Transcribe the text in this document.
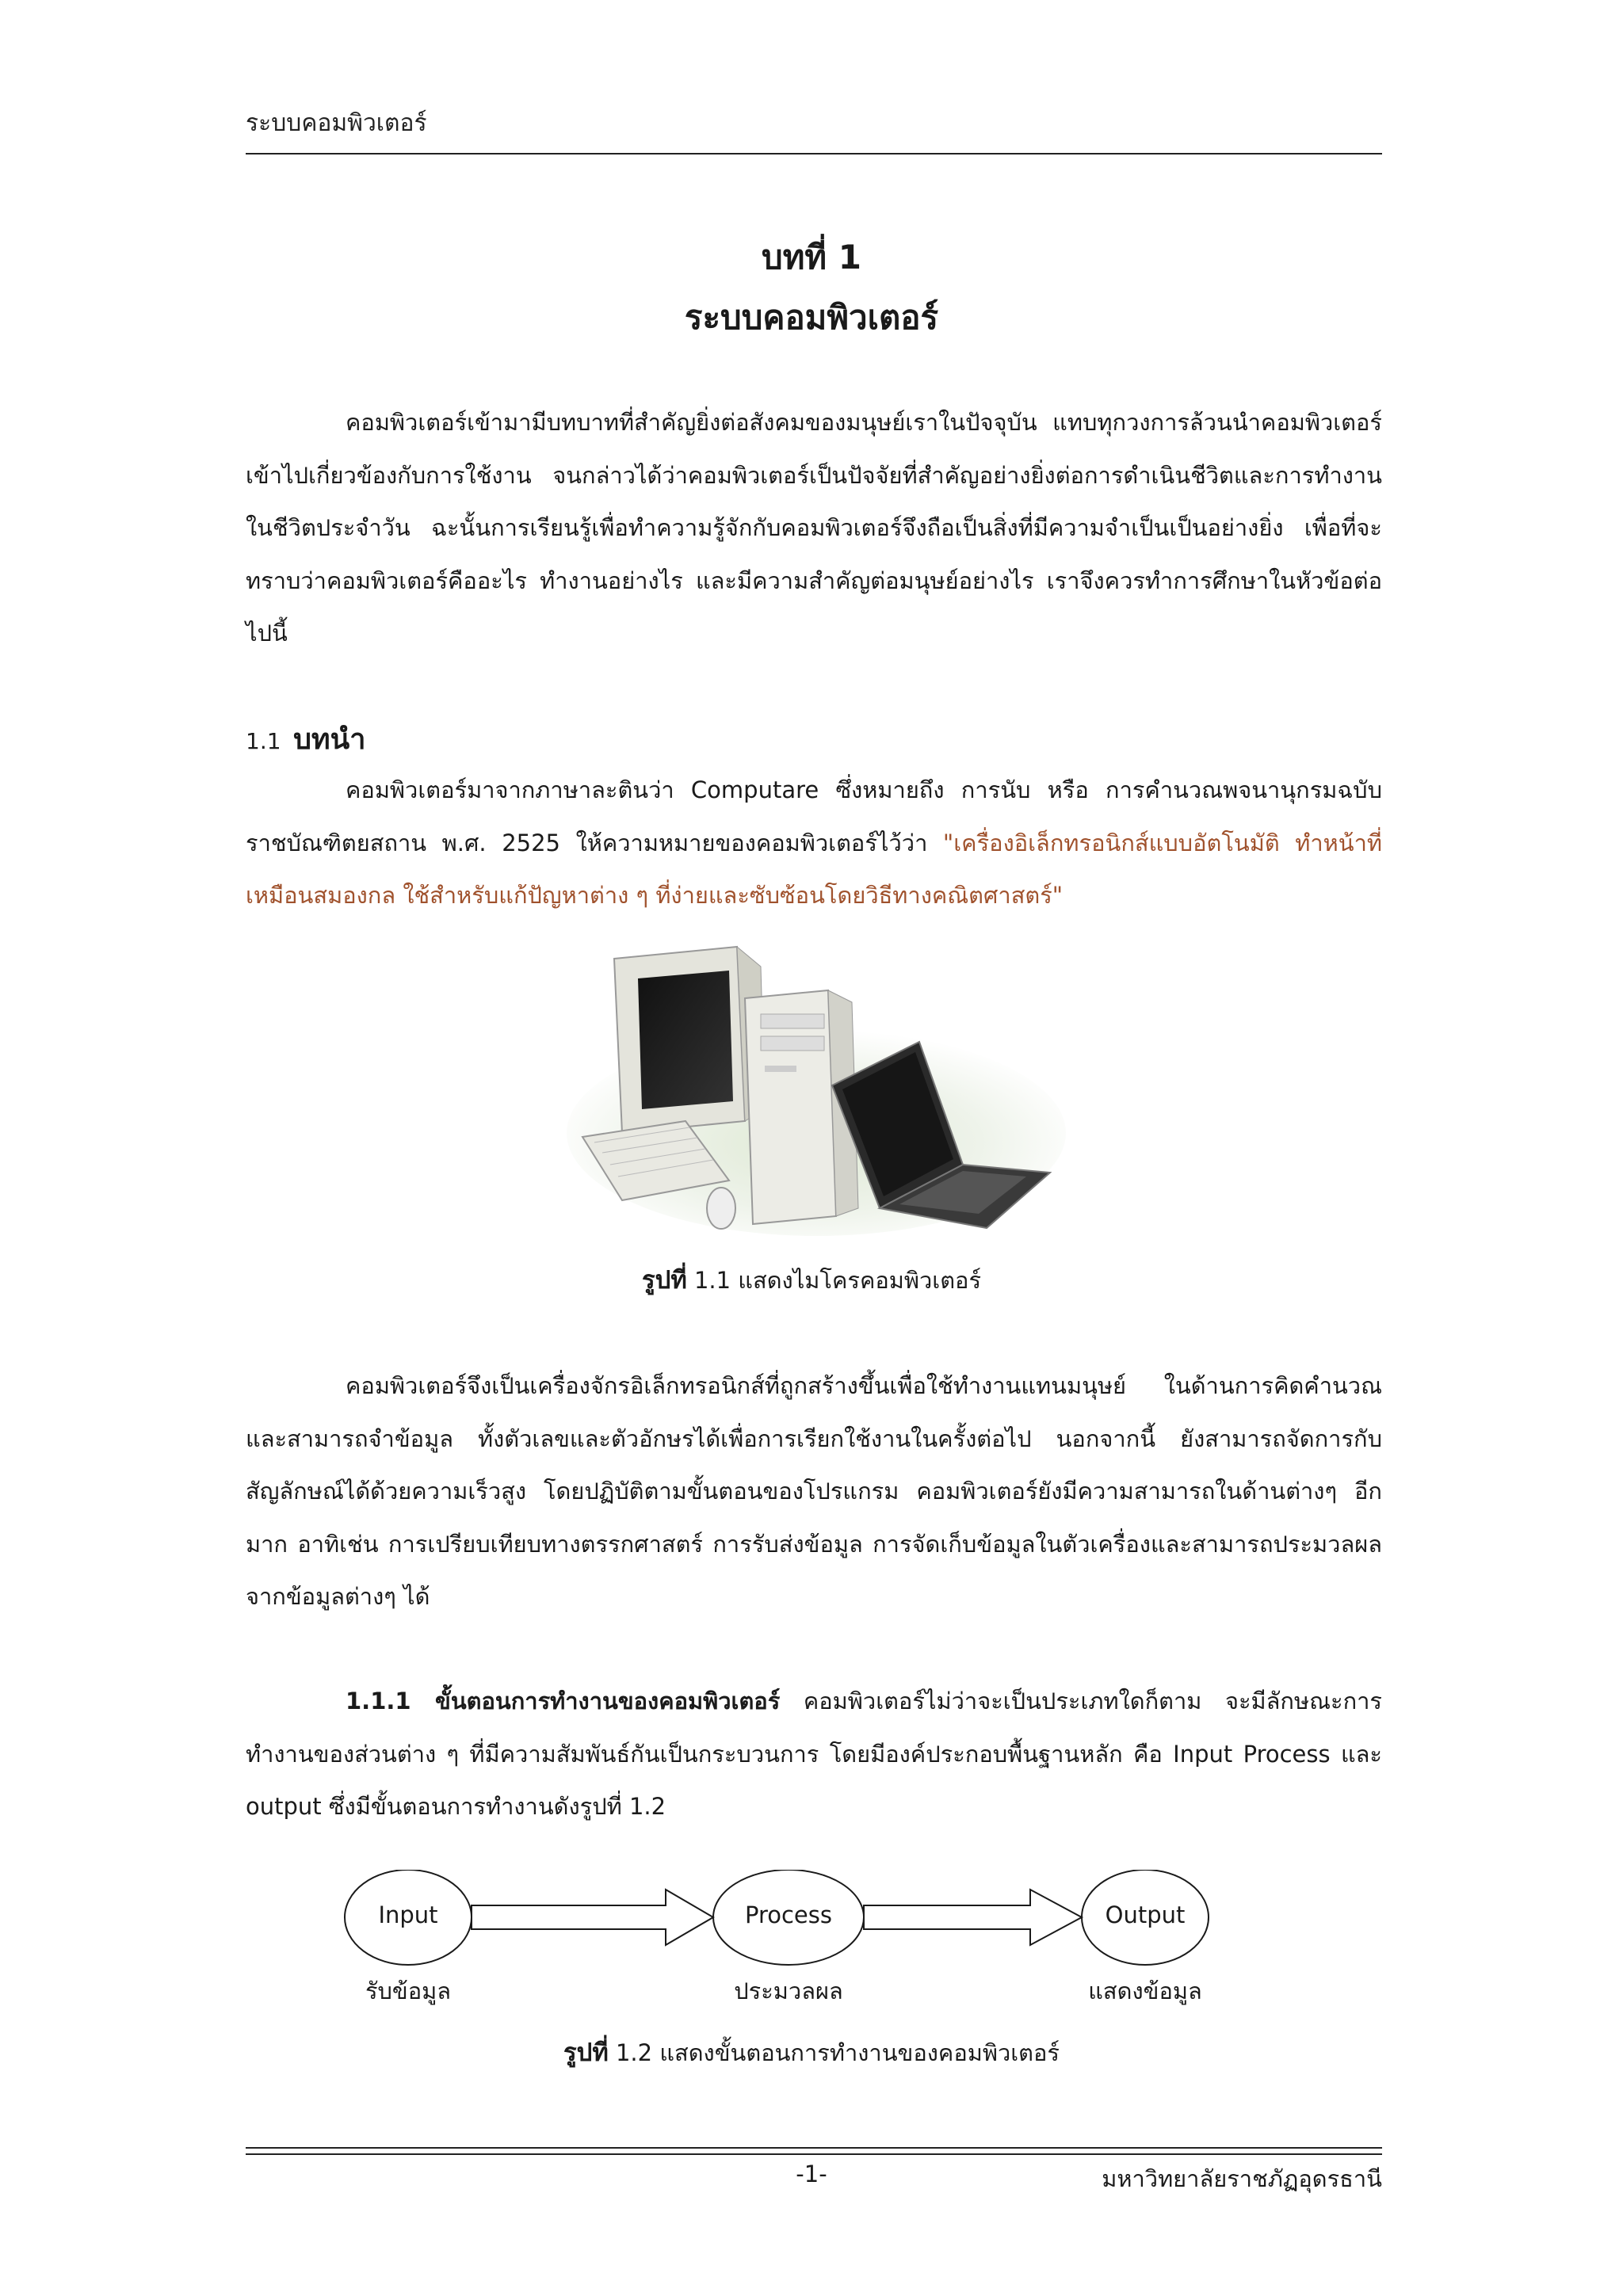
ระบบคอมพิวเตอร์
บทที่ 1
ระบบคอมพิวเตอร์
คอมพิวเตอร์เข้ามามีบทบาทที่สำคัญยิ่งต่อสังคมของมนุษย์เราในปัจจุบัน แทบทุกวงการล้วนนำคอมพิวเตอร์เข้าไปเกี่ยวข้องกับการใช้งาน จนกล่าวได้ว่าคอมพิวเตอร์เป็นปัจจัยที่สำคัญอย่างยิ่งต่อการดำเนินชีวิตและการทำงานในชีวิตประจำวัน ฉะนั้นการเรียนรู้เพื่อทำความรู้จักกับคอมพิวเตอร์จึงถือเป็นสิ่งที่มีความจำเป็นเป็นอย่างยิ่ง เพื่อที่จะทราบว่าคอมพิวเตอร์คืออะไร ทำงานอย่างไร และมีความสำคัญต่อมนุษย์อย่างไร เราจึงควรทำการศึกษาในหัวข้อต่อไปนี้
1.1 บทนำ
คอมพิวเตอร์มาจากภาษาละตินว่า Computare ซึ่งหมายถึง การนับ หรือ การคำนวณพจนานุกรมฉบับราชบัณฑิตยสถาน พ.ศ. 2525 ให้ความหมายของคอมพิวเตอร์ไว้ว่า "เครื่องอิเล็กทรอนิกส์แบบอัตโนมัติ ทำหน้าที่เหมือนสมองกล ใช้สำหรับแก้ปัญหาต่าง ๆ ที่ง่ายและซับซ้อนโดยวิธีทางคณิตศาสตร์"
รูปที่ 1.1 แสดงไมโครคอมพิวเตอร์
คอมพิวเตอร์จึงเป็นเครื่องจักรอิเล็กทรอนิกส์ที่ถูกสร้างขึ้นเพื่อใช้ทำงานแทนมนุษย์ ในด้านการคิดคำนวณและสามารถจำข้อมูล ทั้งตัวเลขและตัวอักษรได้เพื่อการเรียกใช้งานในครั้งต่อไป นอกจากนี้ ยังสามารถจัดการกับสัญลักษณ์ได้ด้วยความเร็วสูง โดยปฏิบัติตามขั้นตอนของโปรแกรม คอมพิวเตอร์ยังมีความสามารถในด้านต่างๆ อีกมาก อาทิเช่น การเปรียบเทียบทางตรรกศาสตร์ การรับส่งข้อมูล การจัดเก็บข้อมูลในตัวเครื่องและสามารถประมวลผลจากข้อมูลต่างๆ ได้
1.1.1 ขั้นตอนการทำงานของคอมพิวเตอร์ คอมพิวเตอร์ไม่ว่าจะเป็นประเภทใดก็ตาม จะมีลักษณะการทำงานของส่วนต่าง ๆ ที่มีความสัมพันธ์กันเป็นกระบวนการ โดยมีองค์ประกอบพื้นฐานหลัก คือ Input Process และ output ซึ่งมีขั้นตอนการทำงานดังรูปที่ 1.2
Input	Process	Output
รับข้อมูล	ประมวลผล	แสดงข้อมูล
รูปที่ 1.2 แสดงขั้นตอนการทำงานของคอมพิวเตอร์
-1-	มหาวิทยาลัยราชภัฏอุดรธานี
